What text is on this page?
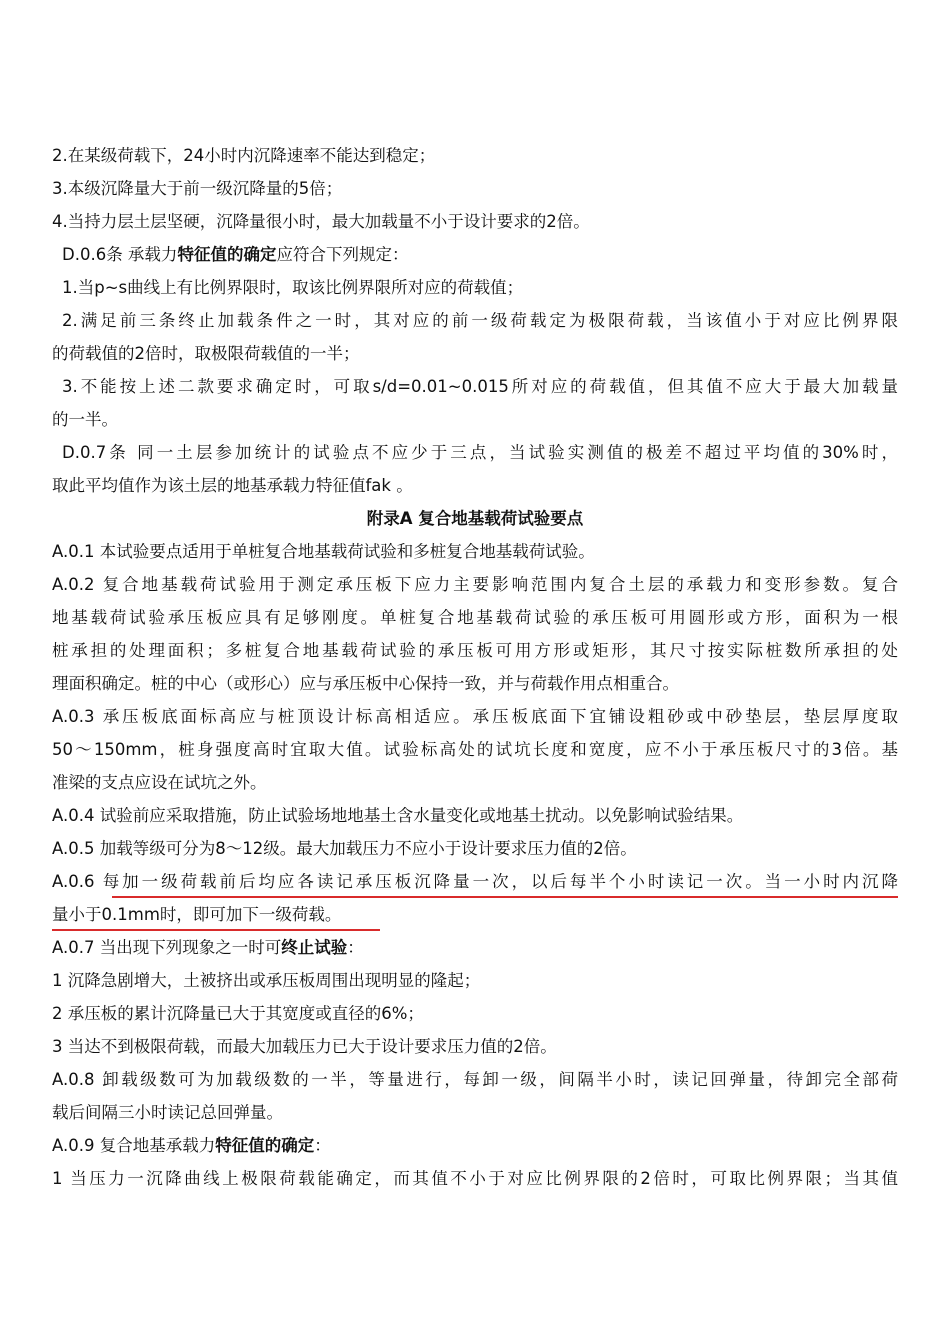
2.在某级荷载下，24小时内沉降速率不能达到稳定；
3.本级沉降量大于前一级沉降量的5倍；
4.当持力层土层坚硬，沉降量很小时，最大加载量不小于设计要求的2倍。
D.0.6条 承载力特征值的确定应符合下列规定：
1.当p~s曲线上有比例界限时，取该比例界限所对应的荷载值；
2.满足前三条终止加载条件之一时，其对应的前一级荷载定为极限荷载，当该值小于对应比例界限
的荷载值的2倍时，取极限荷载值的一半；
3.不能按上述二款要求确定时，可取s/d=0.01~0.015所对应的荷载值，但其值不应大于最大加载量
的一半。
D.0.7条 同一土层参加统计的试验点不应少于三点，当试验实测值的极差不超过平均值的30%时，
取此平均值作为该土层的地基承载力特征值fak 。
附录A 复合地基载荷试验要点
A.0.1 本试验要点适用于单桩复合地基载荷试验和多桩复合地基载荷试验。
A.0.2 复合地基载荷试验用于测定承压板下应力主要影响范围内复合土层的承载力和变形参数。复合
地基载荷试验承压板应具有足够刚度。单桩复合地基载荷试验的承压板可用圆形或方形，面积为一根
桩承担的处理面积；多桩复合地基载荷试验的承压板可用方形或矩形，其尺寸按实际桩数所承担的处
理面积确定。桩的中心（或形心）应与承压板中心保持一致，并与荷载作用点相重合。
A.0.3 承压板底面标高应与桩顶设计标高相适应。承压板底面下宜铺设粗砂或中砂垫层，垫层厚度取
50～150mm，桩身强度高时宜取大值。试验标高处的试坑长度和宽度，应不小于承压板尺寸的3倍。基
准梁的支点应设在试坑之外。
A.0.4 试验前应采取措施，防止试验场地地基土含水量变化或地基土扰动。以免影响试验结果。
A.0.5 加载等级可分为8～12级。最大加载压力不应小于设计要求压力值的2倍。
A.0.6 每加一级荷载前后均应各读记承压板沉降量一次，以后每半个小时读记一次。当一小时内沉降
量小于0.1mm时，即可加下一级荷载。
A.0.7 当出现下列现象之一时可终止试验：
1 沉降急剧增大，土被挤出或承压板周围出现明显的隆起；
2 承压板的累计沉降量已大于其宽度或直径的6%；
3 当达不到极限荷载，而最大加载压力已大于设计要求压力值的2倍。
A.0.8 卸载级数可为加载级数的一半，等量进行，每卸一级，间隔半小时，读记回弹量，待卸完全部荷
载后间隔三小时读记总回弹量。
A.0.9 复合地基承载力特征值的确定：
1 当压力一沉降曲线上极限荷载能确定，而其值不小于对应比例界限的2倍时，可取比例界限；当其值
